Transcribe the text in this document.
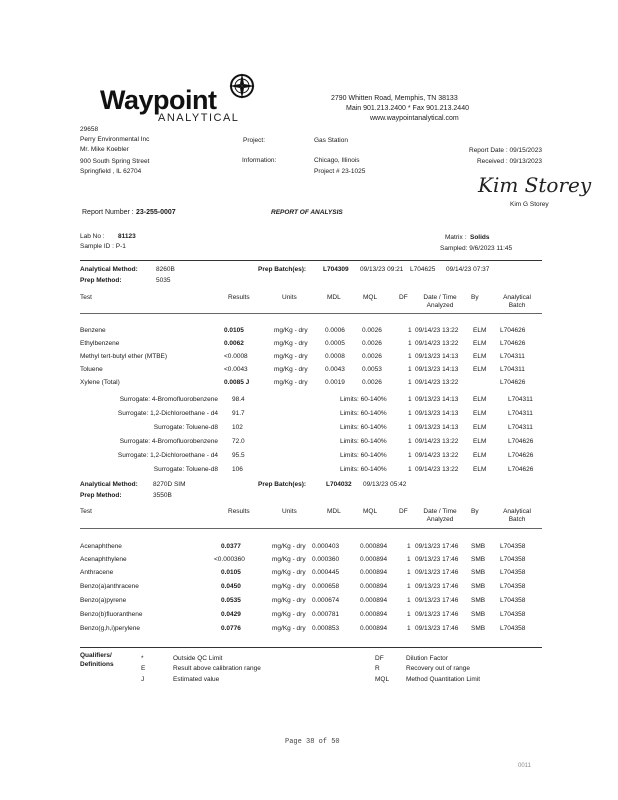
Waypoint
ANALYTICAL
2790 Whitten Road, Memphis, TN 38133
Main 901.213.2400 * Fax 901.213.2440
www.waypointanalytical.com
29658
Perry Environmental Inc
Mr. Mike Koebler
900 South Spring Street
Springfield , IL 62704
Project:	Gas Station
Information:	Chicago, Illinois
Project # 23-1025
Report Date : 09/15/2023
Received : 09/13/2023
Kim Storey
Kim G Storey
Report Number : 23-255-0007	REPORT OF ANALYSIS
Lab No : 81123
Sample ID : P-1
Matrix : Solids
Sampled: 9/6/2023 11:45
Analytical Method:	8260B
Prep Method:	5035
Prep Batch(es):	L704309 09/13/23 09:21 L704625 09/14/23 07:37
Test	Results	Units	MDL	MQL	DF	Date / Time
Analyzed
By	Analytical
Batch
Benzene	0.0105	mg/Kg - dry	0.0006	0.0026	1 09/14/23 13:22 ELM L704626
Ethylbenzene	0.0062	mg/Kg - dry	0.0005	0.0026	1 09/14/23 13:22 ELM L704626
Methyl tert-butyl ether (MTBE)	<0.0008	mg/Kg - dry	0.0008	0.0026	1 09/13/23 14:13 ELM L704311
Toluene	<0.0043	mg/Kg - dry	0.0043	0.0053	1 09/13/23 14:13 ELM L704311
Xylene (Total)	0.0085 J	mg/Kg - dry	0.0019	0.0026	1 09/14/23 13:22	L704626
Surrogate: 4-Bromofluorobenzene 98.4	Limits: 60-140%	1 09/13/23 14:13 ELM	L704311
Surrogate: 1,2-Dichloroethane - d4 91.7	Limits: 60-140%	1 09/13/23 14:13 ELM	L704311
Surrogate: Toluene-d8 102	Limits: 60-140%	1 09/13/23 14:13 ELM	L704311
Surrogate: 4-Bromofluorobenzene 72.0	Limits: 60-140%	1 09/14/23 13:22 ELM	L704626
Surrogate: 1,2-Dichloroethane - d4 95.5	Limits: 60-140%	1 09/14/23 13:22 ELM	L704626
Surrogate: Toluene-d8 106	Limits: 60-140%	1 09/14/23 13:22 ELM	L704626
Analytical Method: 8270D SIM
Prep Method:	3550B
Prep Batch(es):	L704032 09/13/23 05:42
Test	Results	Units	MDL	MQL	DF	Date / Time
Analyzed
By	Analytical
Batch
Acenaphthene	0.0377	mg/Kg - dry 0.000403	0.000894	1 09/13/23 17:46 SMB L704358
Acenaphthylene	<0.000360	mg/Kg - dry 0.000360	0.000894	1 09/13/23 17:46 SMB L704358
Anthracene	0.0105	mg/Kg - dry 0.000445	0.000894	1 09/13/23 17:46 SMB L704358
Benzo(a)anthracene	0.0450	mg/Kg - dry 0.000658	0.000894	1 09/13/23 17:46 SMB L704358
Benzo(a)pyrene	0.0535	mg/Kg - dry 0.000674	0.000894	1 09/13/23 17:46 SMB L704358
Benzo(b)fluoranthene	0.0429	mg/Kg - dry 0.000781	0.000894	1 09/13/23 17:46 SMB L704358
Benzo(g,h,i)perylene	0.0776	mg/Kg - dry 0.000853	0.000894	1 09/13/23 17:46 SMB L704358
Qualifiers/
Definitions
*	Outside QC Limit
E	Result above calibration range
J	Estimated value
DF	Dilution Factor
R	Recovery out of range
MQL	Method Quantitation Limit
Page 38 of 50
0011
